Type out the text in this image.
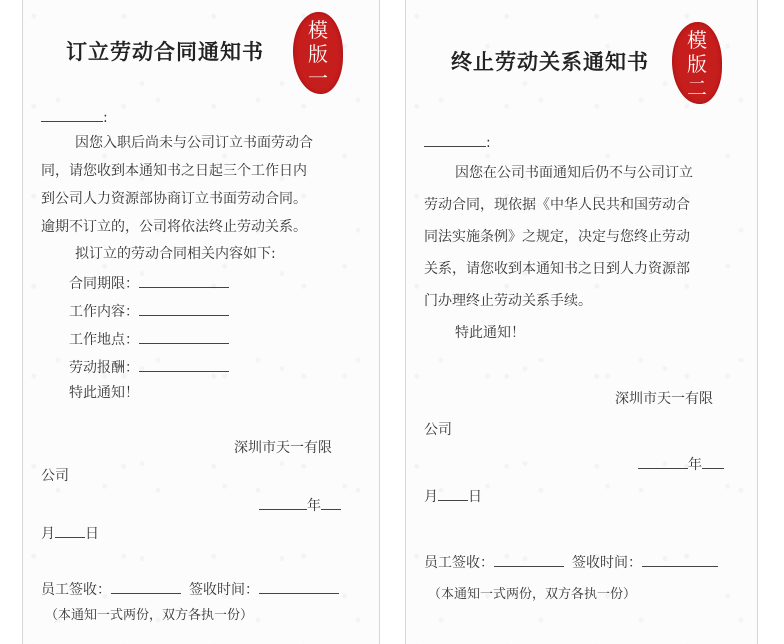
订立劳动合同通知书
模
版
一
:
因您入职后尚未与公司订立书面劳动合
同，请您收到本通知书之日起三个工作日内
到公司人力资源部协商订立书面劳动合同。
逾期不订立的，公司将依法终止劳动关系。
拟订立的劳动合同相关内容如下:
合同期限：
工作内容：
工作地点：
劳动报酬：
特此通知！
深圳市天一有限
公司
年
月 日
员工签收：	签收时间：
（本通知一式两份，双方各执一份）
终止劳动关系通知书
模
版
二
:
因您在公司书面通知后仍不与公司订立
劳动合同，现依据《中华人民共和国劳动合
同法实施条例》之规定，决定与您终止劳动
关系，请您收到本通知书之日到人力资源部
门办理终止劳动关系手续。
特此通知！
深圳市天一有限
公司
年
月 日
员工签收：	签收时间：
（本通知一式两份，双方各执一份）
